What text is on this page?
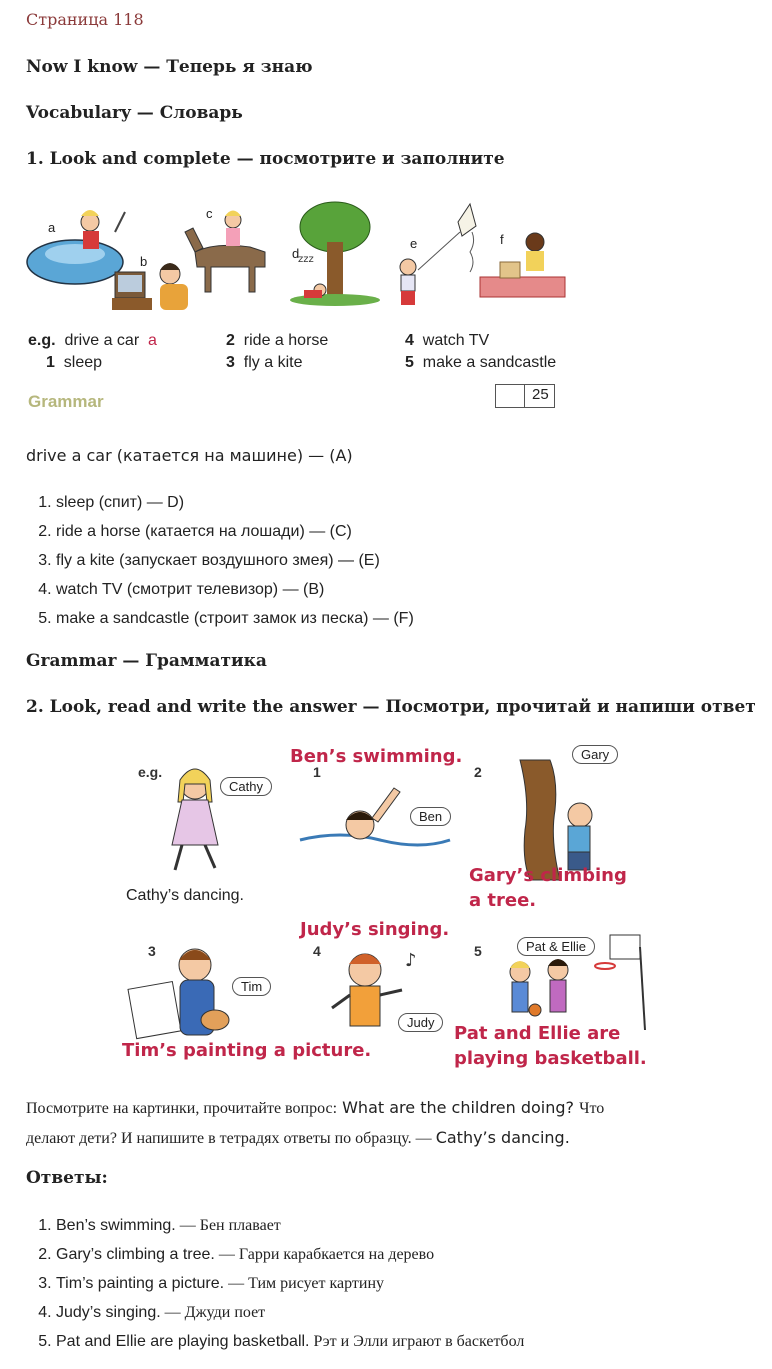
Страница 118
Now I know — Теперь я знаю
Vocabulary — Словарь
1. Look and complete — посмотрите и заполните
zzz
a
b
c
d
e	f
e.g. drive a car a
1 sleep
2 ride a horse
3 fly a kite
4 watch TV
5 make a sandcastle
Grammar	25
drive a car (катается на машине) — (A)
1. sleep (спит) — D)
2. ride a horse (катается на лошади) — (C)
3. fly a kite (запускает воздушного змея) — (E)
4. watch TV (смотрит телевизор) — (B)
5. make a sandcastle (строит замок из песка) — (F)
Grammar — Грамматика
2. Look, read and write the answer — Посмотри, прочитай и напиши ответ
♪
e.g.	1	2
3	4	5
Cathy
Ben
Gary
Tim
Judy
Pat & Ellie
Cathy’s dancing.
Ben’s swimming.
Gary’s climbing
a tree.
Judy’s singing.
Tim’s painting a picture.
Pat and Ellie are
playing basketball.
Посмотрите на картинки, прочитайте вопрос: What are the children doing? Что
делают дети? И напишите в тетрадях ответы по образцу. — Cathy’s dancing.
Ответы:
1. Ben’s swimming. — Бен плавает
2. Gary’s climbing a tree. — Гарри карабкается на дерево
3. Tim’s painting a picture. — Тим рисует картину
4. Judy’s singing. — Джуди поет
5. Pat and Ellie are playing basketball. Рэт и Элли играют в баскетбол
